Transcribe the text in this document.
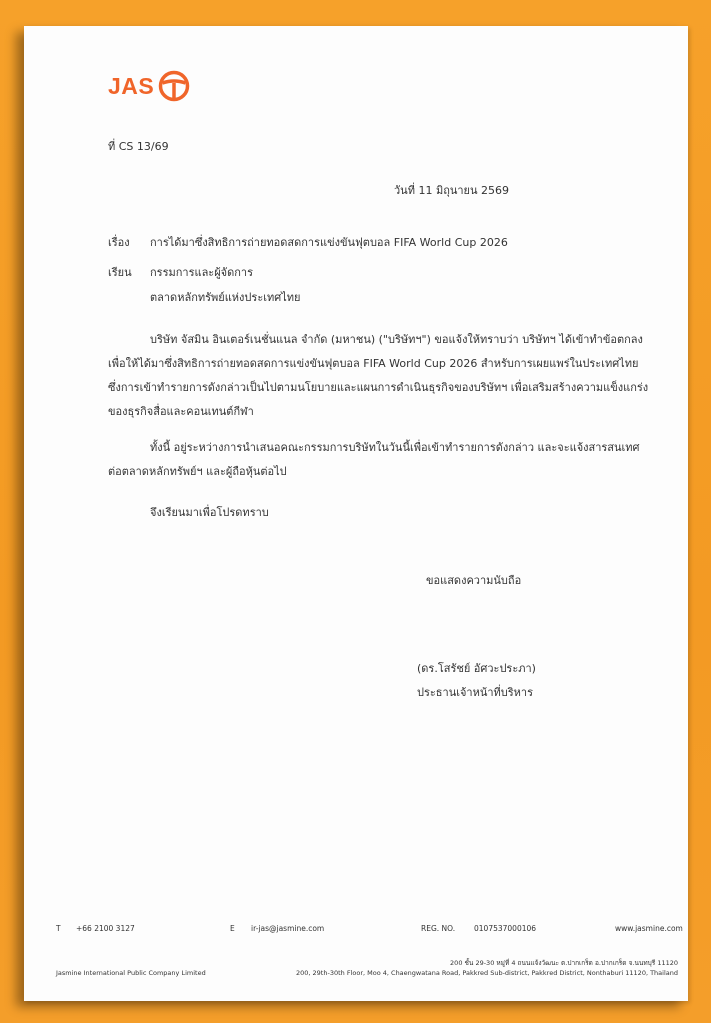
JAS
ที่ CS 13/69
วันที่ 11 มิถุนายน 2569
เรื่อง การได้มาซึ่งสิทธิการถ่ายทอดสดการแข่งขันฟุตบอล FIFA World Cup 2026
เรียน กรรมการและผู้จัดการ
ตลาดหลักทรัพย์แห่งประเทศไทย
บริษัท จัสมิน อินเตอร์เนชั่นแนล จำกัด (มหาชน) ("บริษัทฯ") ขอแจ้งให้ทราบว่า บริษัทฯ ได้เข้าทำข้อตกลง
เพื่อให้ได้มาซึ่งสิทธิการถ่ายทอดสดการแข่งขันฟุตบอล FIFA World Cup 2026 สำหรับการเผยแพร่ในประเทศไทย
ซึ่งการเข้าทำรายการดังกล่าวเป็นไปตามนโยบายและแผนการดำเนินธุรกิจของบริษัทฯ เพื่อเสริมสร้างความแข็งแกร่ง
ของธุรกิจสื่อและคอนเทนต์กีฬา
ทั้งนี้ อยู่ระหว่างการนำเสนอคณะกรรมการบริษัทในวันนี้เพื่อเข้าทำรายการดังกล่าว และจะแจ้งสารสนเทศ
ต่อตลาดหลักทรัพย์ฯ และผู้ถือหุ้นต่อไป
จึงเรียนมาเพื่อโปรดทราบ
ขอแสดงความนับถือ
(ดร.โสรัชย์ อัศวะประภา)
ประธานเจ้าหน้าที่บริหาร
T +66 2100 3127	E ir-jas@jasmine.com	REG. NO.	0107537000106	www.jasmine.com
200 ชั้น 29-30 หมู่ที่ 4 ถนนแจ้งวัฒนะ ต.ปากเกร็ด อ.ปากเกร็ด จ.นนทบุรี 11120
Jasmine International Public Company Limited	200, 29th-30th Floor, Moo 4, Chaengwatana Road, Pakkred Sub-district, Pakkred District, Nonthaburi 11120, Thailand
